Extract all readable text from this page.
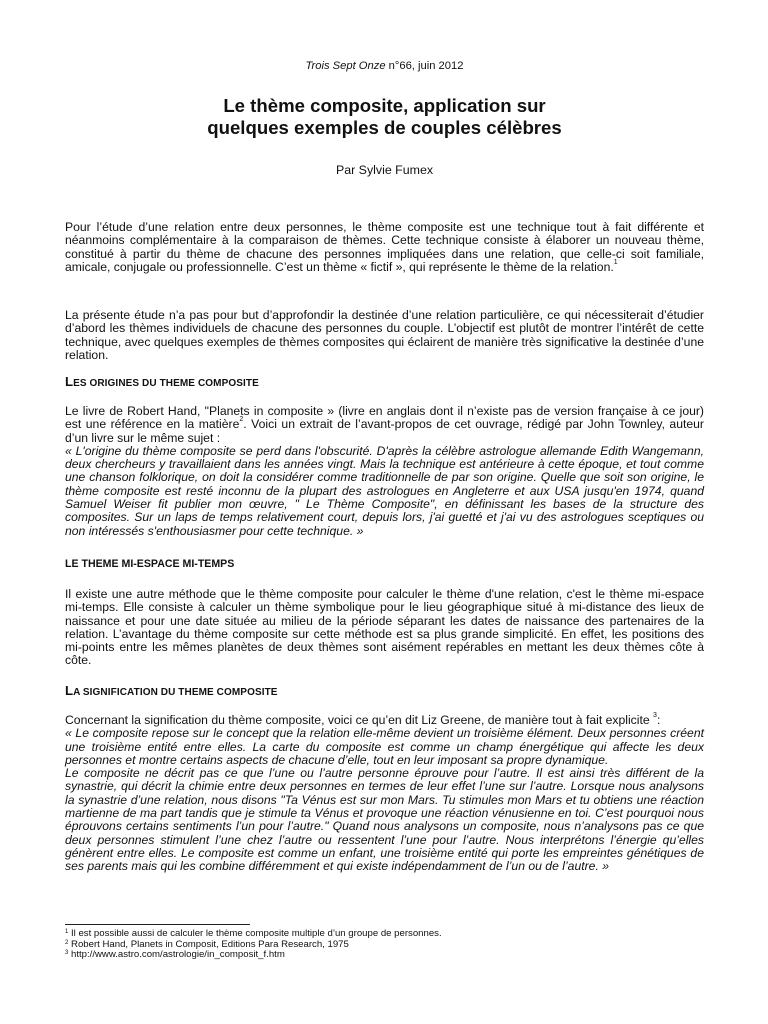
Trois Sept Onze n°66, juin 2012
Le thème composite, application sur
quelques exemples de couples célèbres
Par Sylvie Fumex

Pour l’étude d’une relation entre deux personnes, le thème composite est une technique tout à fait différente et néanmoins complémentaire à la comparaison de thèmes. Cette technique consiste à élaborer un nouveau thème, constitué à partir du thème de chacune des personnes impliquées dans une relation, que celle-ci soit familiale, amicale, conjugale ou professionnelle. C’est un thème « fictif », qui représente le thème de la relation.$^1$

La présente étude n’a pas pour but d’approfondir la destinée d’une relation particulière, ce qui nécessiterait d’étudier d’abord les thèmes individuels de chacune des personnes du couple. L’objectif est plutôt de montrer l’intérêt de cette technique, avec quelques exemples de thèmes composites qui éclairent de manière très significative la destinée d’une relation.

LES ORIGINES DU THEME COMPOSITE

Le livre de Robert Hand, "Planets in composite » (livre en anglais dont il n’existe pas de version française à ce jour) est une référence en la matière$^2$. Voici un extrait de l’avant-propos de cet ouvrage, rédigé par John Townley, auteur d’un livre sur le même sujet :

« L'origine du thème composite se perd dans l'obscurité. D'après la célèbre astrologue allemande Edith Wangemann, deux chercheurs y travaillaient dans les années vingt. Mais la technique est antérieure à cette époque, et tout comme une chanson folklorique, on doit la considérer comme traditionnelle de par son origine. Quelle que soit son origine, le thème composite est resté inconnu de la plupart des astrologues en Angleterre et aux USA jusqu'en 1974, quand Samuel Weiser fit publier mon œuvre, " Le Thème Composite", en définissant les bases de la structure des composites. Sur un laps de temps relativement court, depuis lors, j'ai guetté et j'ai vu des astrologues sceptiques ou non intéressés s'enthousiasmer pour cette technique. »

LE THEME MI-ESPACE MI-TEMPS

Il existe une autre méthode que le thème composite pour calculer le thème d'une relation, c'est le thème mi-espace mi-temps. Elle consiste à calculer un thème symbolique pour le lieu géographique situé à mi-distance des lieux de naissance et pour une date située au milieu de la période séparant les dates de naissance des partenaires de la relation. L’avantage du thème composite sur cette méthode est sa plus grande simplicité. En effet, les positions des mi-points entre les mêmes planètes de deux thèmes sont aisément repérables en mettant les deux thèmes côte à côte.

LA SIGNIFICATION DU THEME COMPOSITE

Concernant la signification du thème composite, voici ce qu’en dit Liz Greene, de manière tout à fait explicite $^3$:

« Le composite repose sur le concept que la relation elle-même devient un troisième élément. Deux personnes créent une troisième entité entre elles. La carte du composite est comme un champ énergétique qui affecte les deux personnes et montre certains aspects de chacune d’elle, tout en leur imposant sa propre dynamique.

Le composite ne décrit pas ce que l’une ou l’autre personne éprouve pour l’autre. Il est ainsi très différent de la synastrie, qui décrit la chimie entre deux personnes en termes de leur effet l’une sur l’autre. Lorsque nous analysons la synastrie d’une relation, nous disons "Ta Vénus est sur mon Mars. Tu stimules mon Mars et tu obtiens une réaction martienne de ma part tandis que je stimule ta Vénus et provoque une réaction vénusienne en toi. C’est pourquoi nous éprouvons certains sentiments l’un pour l’autre." Quand nous analysons un composite, nous n’analysons pas ce que deux personnes stimulent l’une chez l’autre ou ressentent l’une pour l’autre. Nous interprétons l’énergie qu’elles génèrent entre elles. Le composite est comme un enfant, une troisième entité qui porte les empreintes génétiques de ses parents mais qui les combine différemment et qui existe indépendamment de l’un ou de l’autre. »

$^1$ Il est possible aussi de calculer le thème composite multiple d’un groupe de personnes.
$^2$ Robert Hand, Planets in Composit, Editions Para Research, 1975
$^3$ http://www.astro.com/astrologie/in_composit_f.htm
